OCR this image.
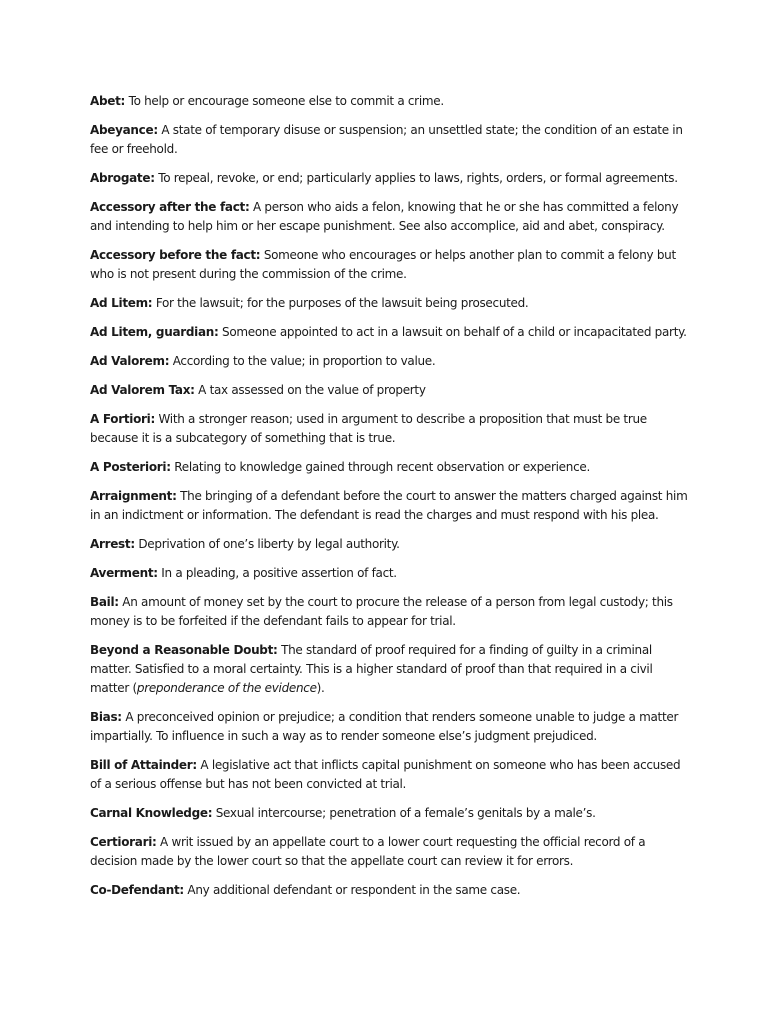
Abet: To help or encourage someone else to commit a crime.

Abeyance: A state of temporary disuse or suspension; an unsettled state; the condition of an estate in fee or freehold.

Abrogate: To repeal, revoke, or end; particularly applies to laws, rights, orders, or formal agreements.

Accessory after the fact: A person who aids a felon, knowing that he or she has committed a felony and intending to help him or her escape punishment. See also accomplice, aid and abet, conspiracy.

Accessory before the fact: Someone who encourages or helps another plan to commit a felony but who is not present during the commission of the crime.

Ad Litem: For the lawsuit; for the purposes of the lawsuit being prosecuted.

Ad Litem, guardian: Someone appointed to act in a lawsuit on behalf of a child or incapacitated party.

Ad Valorem: According to the value; in proportion to value.

Ad Valorem Tax: A tax assessed on the value of property

A Fortiori: With a stronger reason; used in argument to describe a proposition that must be true because it is a subcategory of something that is true.

A Posteriori: Relating to knowledge gained through recent observation or experience.

Arraignment: The bringing of a defendant before the court to answer the matters charged against him in an indictment or information. The defendant is read the charges and must respond with his plea.

Arrest: Deprivation of one’s liberty by legal authority.

Averment: In a pleading, a positive assertion of fact.

Bail: An amount of money set by the court to procure the release of a person from legal custody; this money is to be forfeited if the defendant fails to appear for trial.

Beyond a Reasonable Doubt: The standard of proof required for a finding of guilty in a criminal matter. Satisfied to a moral certainty. This is a higher standard of proof than that required in a civil matter (preponderance of the evidence).

Bias: A preconceived opinion or prejudice; a condition that renders someone unable to judge a matter impartially. To influence in such a way as to render someone else’s judgment prejudiced.

Bill of Attainder: A legislative act that inflicts capital punishment on someone who has been accused of a serious offense but has not been convicted at trial.

Carnal Knowledge: Sexual intercourse; penetration of a female’s genitals by a male’s.

Certiorari: A writ issued by an appellate court to a lower court requesting the official record of a decision made by the lower court so that the appellate court can review it for errors.

Co-Defendant: Any additional defendant or respondent in the same case.
